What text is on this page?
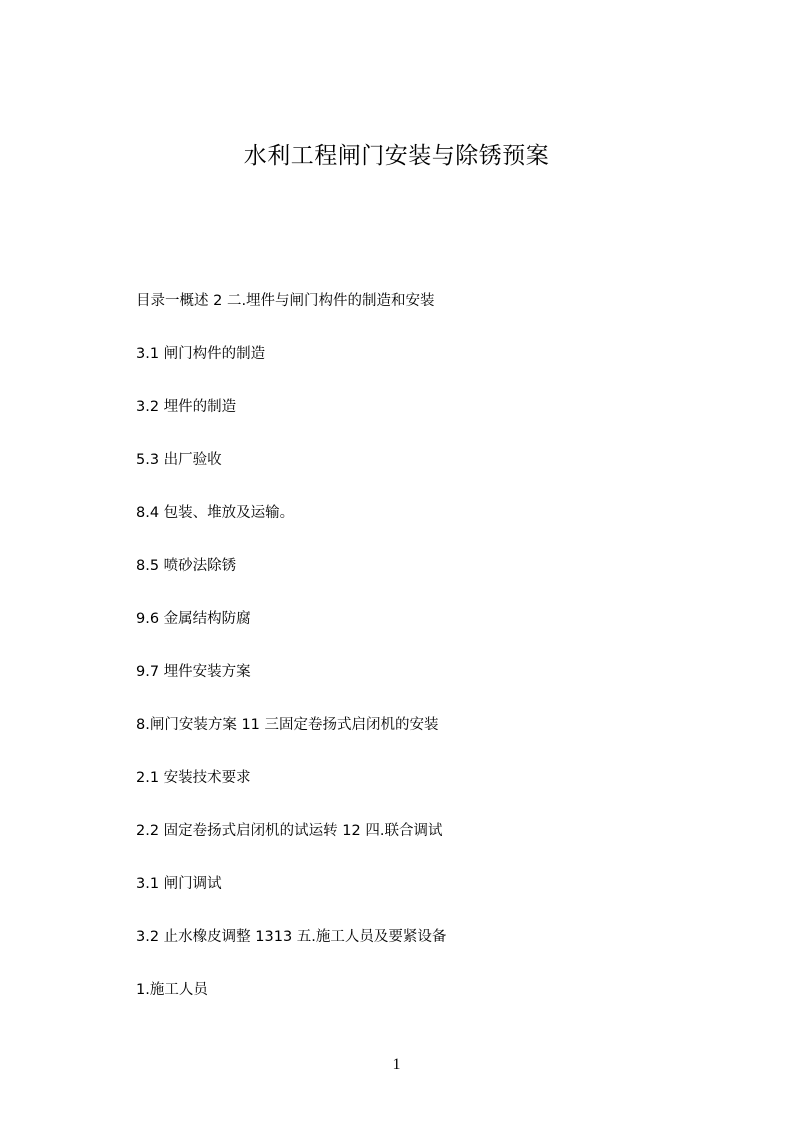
水利工程闸门安装与除锈预案
目录一概述 2 二.埋件与闸门构件的制造和安装
3.1 闸门构件的制造
3.2 埋件的制造
5.3 出厂验收
8.4 包装、堆放及运输。
8.5 喷砂法除锈
9.6 金属结构防腐
9.7 埋件安装方案
8.闸门安装方案 11 三固定卷扬式启闭机的安装
2.1 安装技术要求
2.2 固定卷扬式启闭机的试运转 12 四.联合调试
3.1 闸门调试
3.2 止水橡皮调整 1313 五.施工人员及要紧设备
1.施工人员
1
